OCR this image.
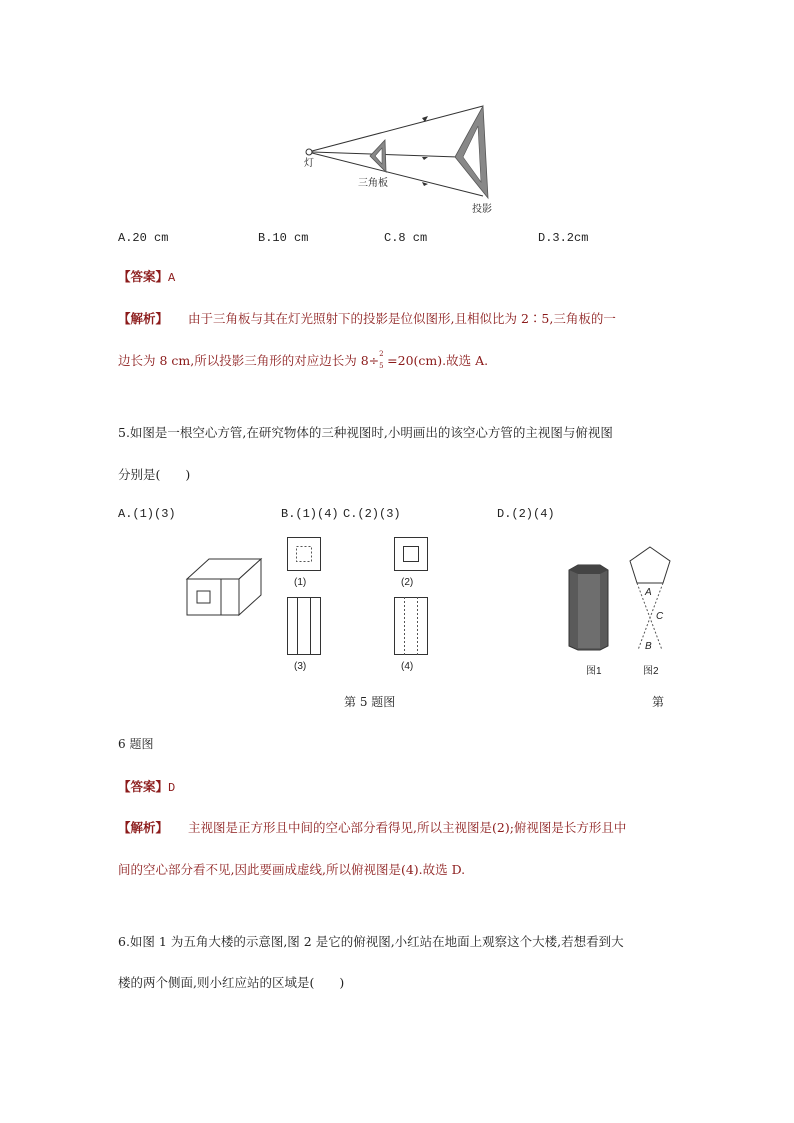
灯
三角板
投影
A.20 cm	B.10 cm	C.8 cm	D.3.2cm
【答案】A
【解析】 由于三角板与其在灯光照射下的投影是位似图形,且相似比为 2∶5,三角板的一
边长为 8 cm,所以投影三角形的对应边长为 8÷ 2
5 =20(cm).故选 A.
5.如图是一根空心方管,在研究物体的三种视图时,小明画出的该空心方管的主视图与俯视图
分别是(　　)
A.(1)(3)	B.(1)(4) C.(2)(3)	D.(2)(4)
(1)	(2)
(3)	(4)	图1
A
C
B
图2
第 5 题图	第
6 题图
【答案】D
【解析】 主视图是正方形且中间的空心部分看得见,所以主视图是(2);俯视图是长方形且中
间的空心部分看不见,因此要画成虚线,所以俯视图是(4).故选 D.
6.如图 1 为五角大楼的示意图,图 2 是它的俯视图,小红站在地面上观察这个大楼,若想看到大
楼的两个侧面,则小红应站的区域是(　　)
